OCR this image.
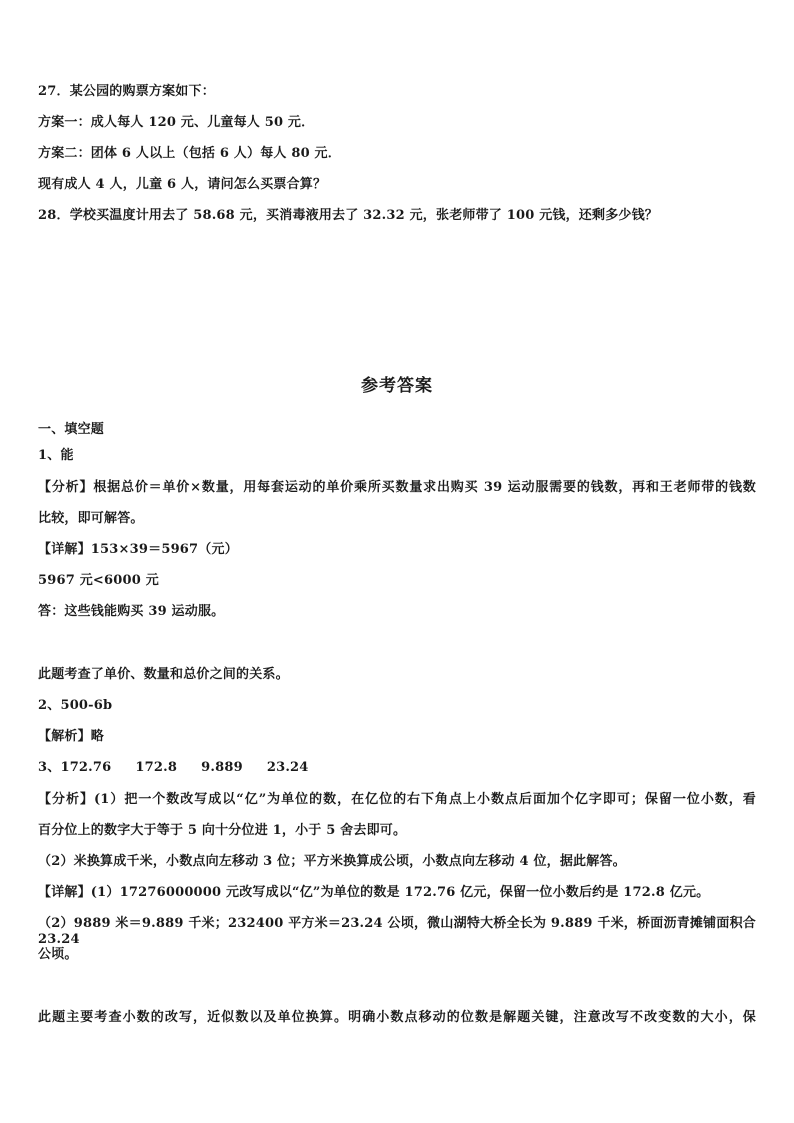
27．某公园的购票方案如下：
方案一：成人每人 120 元、儿童每人 50 元．
方案二：团体 6 人以上（包括 6 人）每人 80 元．
现有成人 4 人，儿童 6 人，请问怎么买票合算？
28．学校买温度计用去了 58.68 元，买消毒液用去了 32.32 元，张老师带了 100 元钱，还剩多少钱？
参考答案
一、填空题
1、能
【分析】根据总价＝单价×数量，用每套运动的单价乘所买数量求出购买 39 运动服需要的钱数，再和王老师带的钱数
比较，即可解答。
【详解】153×39＝5967（元）
5967 元<6000 元
答：这些钱能购买 39 运动服。
此题考查了单价、数量和总价之间的关系。
2、500-6b
【解析】略
3、172.76 172.8 9.889 23.24
【分析】(1）把一个数改写成以“亿”为单位的数，在亿位的右下角点上小数点后面加个亿字即可；保留一位小数，看
百分位上的数字大于等于 5 向十分位进 1，小于 5 舍去即可。
（2）米换算成千米，小数点向左移动 3 位；平方米换算成公顷，小数点向左移动 4 位，据此解答。
【详解】(1）17276000000 元改写成以“亿”为单位的数是 172.76 亿元，保留一位小数后约是 172.8 亿元。
（2）9889 米＝9.889 千米；232400 平方米＝23.24 公顷，微山湖特大桥全长为 9.889 千米，桥面沥青摊铺面积合 23.24
公顷。
此题主要考查小数的改写，近似数以及单位换算。明确小数点移动的位数是解题关键，注意改写不改变数的大小，保
